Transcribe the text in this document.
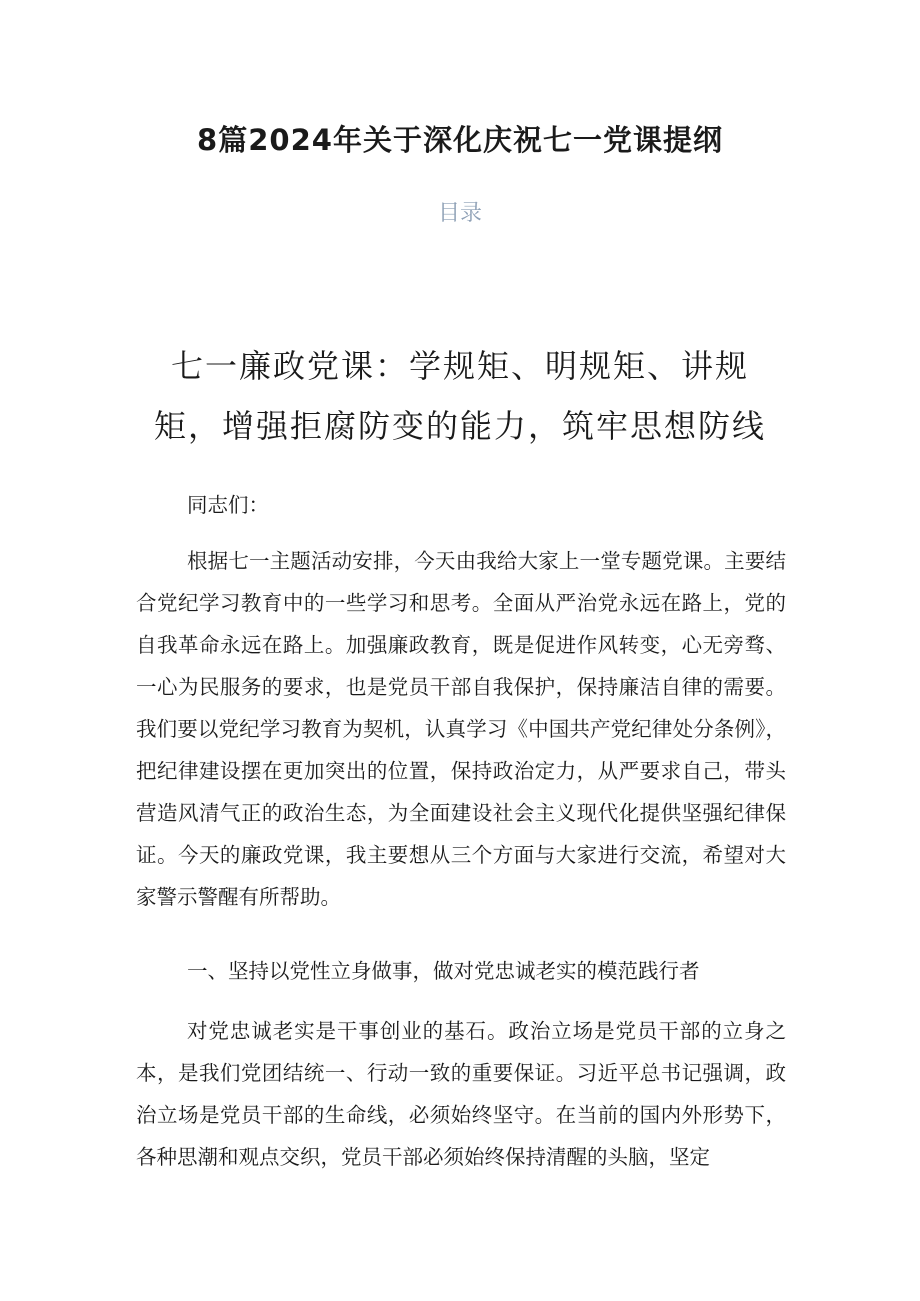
8篇2024年关于深化庆祝七一党课提纲
目录
七一廉政党课：学规矩、明规矩、讲规矩，增强拒腐防变的能力，筑牢思想防线

同志们：

根据七一主题活动安排，今天由我给大家上一堂专题党课。主要结合党纪学习教育中的一些学习和思考。全面从严治党永远在路上，党的自我革命永远在路上。加强廉政教育，既是促进作风转变，心无旁骛、一心为民服务的要求，也是党员干部自我保护，保持廉洁自律的需要。我们要以党纪学习教育为契机，认真学习《中国共产党纪律处分条例》，把纪律建设摆在更加突出的位置，保持政治定力，从严要求自己，带头营造风清气正的政治生态，为全面建设社会主义现代化提供坚强纪律保证。今天的廉政党课，我主要想从三个方面与大家进行交流，希望对大家警示警醒有所帮助。

一、坚持以党性立身做事，做对党忠诚老实的模范践行者

对党忠诚老实是干事创业的基石。政治立场是党员干部的立身之本，是我们党团结统一、行动一致的重要保证。习近平总书记强调，政治立场是党员干部的生命线，必须始终坚守。在当前的国内外形势下，各种思潮和观点交织，党员干部必须始终保持清醒的头脑，坚定
